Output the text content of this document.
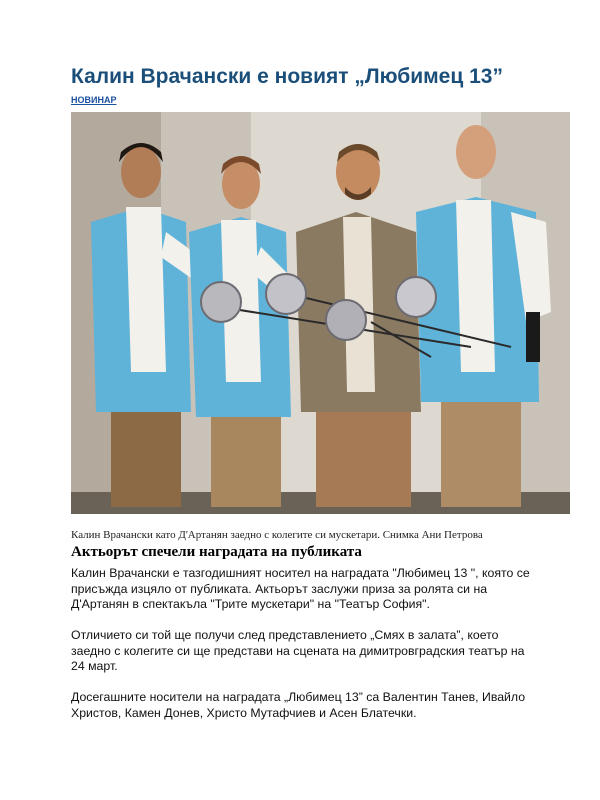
Калин Врачански е новият „Любимец 13”
НОВИНАР
Калин Врачански като Д'Артанян заедно с колегите си мускетари. Снимка Ани Петрова
Актьорът спечели наградата на публиката

Калин Врачански е тазгодишният носител на наградата "Любимец 13 ", която се присъжда изцяло от публиката. Актьорът заслужи приза за ролята си на Д'Артанян в спектакъла "Трите мускетари" на "Театър София".

Отличието си той ще получи след представлението „Смях в залата”, което заедно с колегите си ще представи на сцената на димитровградския театър на 24 март.

Досегашните носители на наградата „Любимец 13” са Валентин Танев, Ивайло Христов, Камен Донев, Христо Мутафчиев и Асен Блатечки.
